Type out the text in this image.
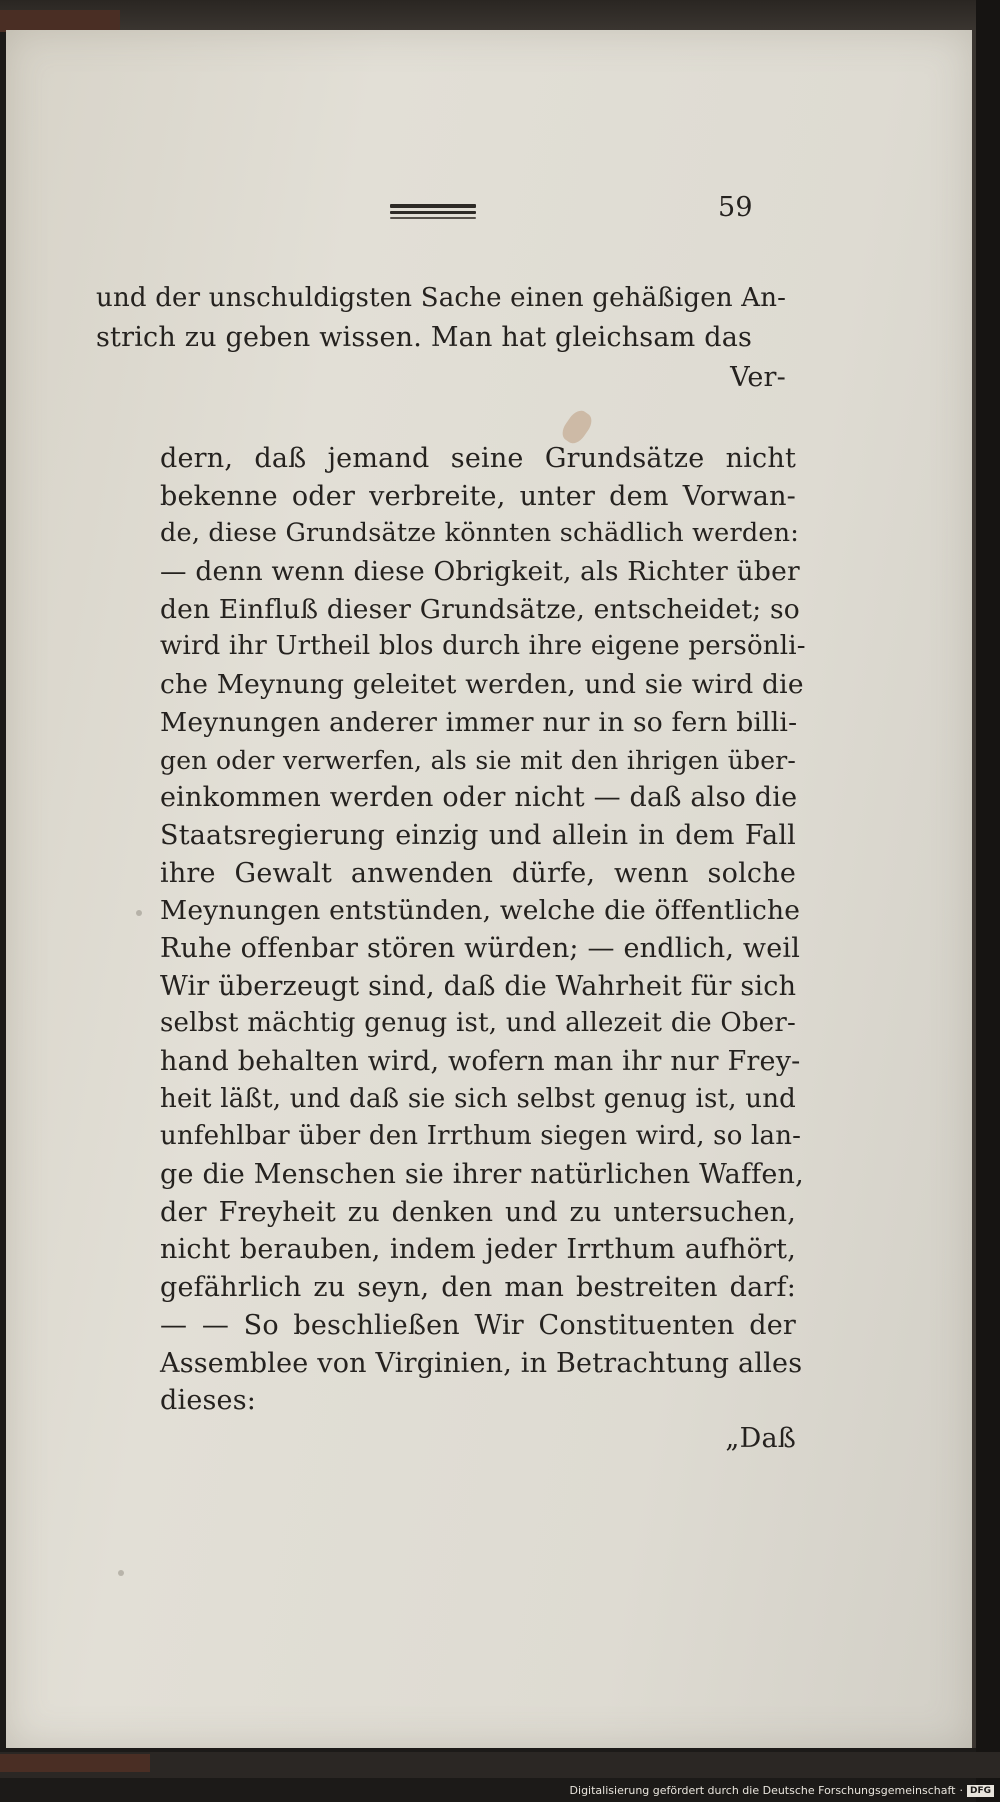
59
und der unschuldigsten Sache einen gehäßigen An-
strich zu geben wissen. Man hat gleichsam das
Ver-
dern, daß jemand seine Grundsätze nicht
bekenne oder verbreite, unter dem Vorwan-
de, diese Grundsätze könnten schädlich werden:
— denn wenn diese Obrigkeit, als Richter über
den Einfluß dieser Grundsätze, entscheidet; so
wird ihr Urtheil blos durch ihre eigene persönli-
che Meynung geleitet werden, und sie wird die
Meynungen anderer immer nur in so fern billi-
gen oder verwerfen, als sie mit den ihrigen über-
einkommen werden oder nicht — daß also die
Staatsregierung einzig und allein in dem Fall
ihre Gewalt anwenden dürfe, wenn solche
Meynungen entstünden, welche die öffentliche
Ruhe offenbar stören würden; — endlich, weil
Wir überzeugt sind, daß die Wahrheit für sich
selbst mächtig genug ist, und allezeit die Ober-
hand behalten wird, wofern man ihr nur Frey-
heit läßt, und daß sie sich selbst genug ist, und
unfehlbar über den Irrthum siegen wird, so lan-
ge die Menschen sie ihrer natürlichen Waffen,
der Freyheit zu denken und zu untersuchen,
nicht berauben, indem jeder Irrthum aufhört,
gefährlich zu seyn, den man bestreiten darf:
— — So beschließen Wir Constituenten der
Assemblee von Virginien, in Betrachtung alles
dieses:
„Daß
Digitalisierung gefördert durch die Deutsche Forschungsgemeinschaft · DFG
